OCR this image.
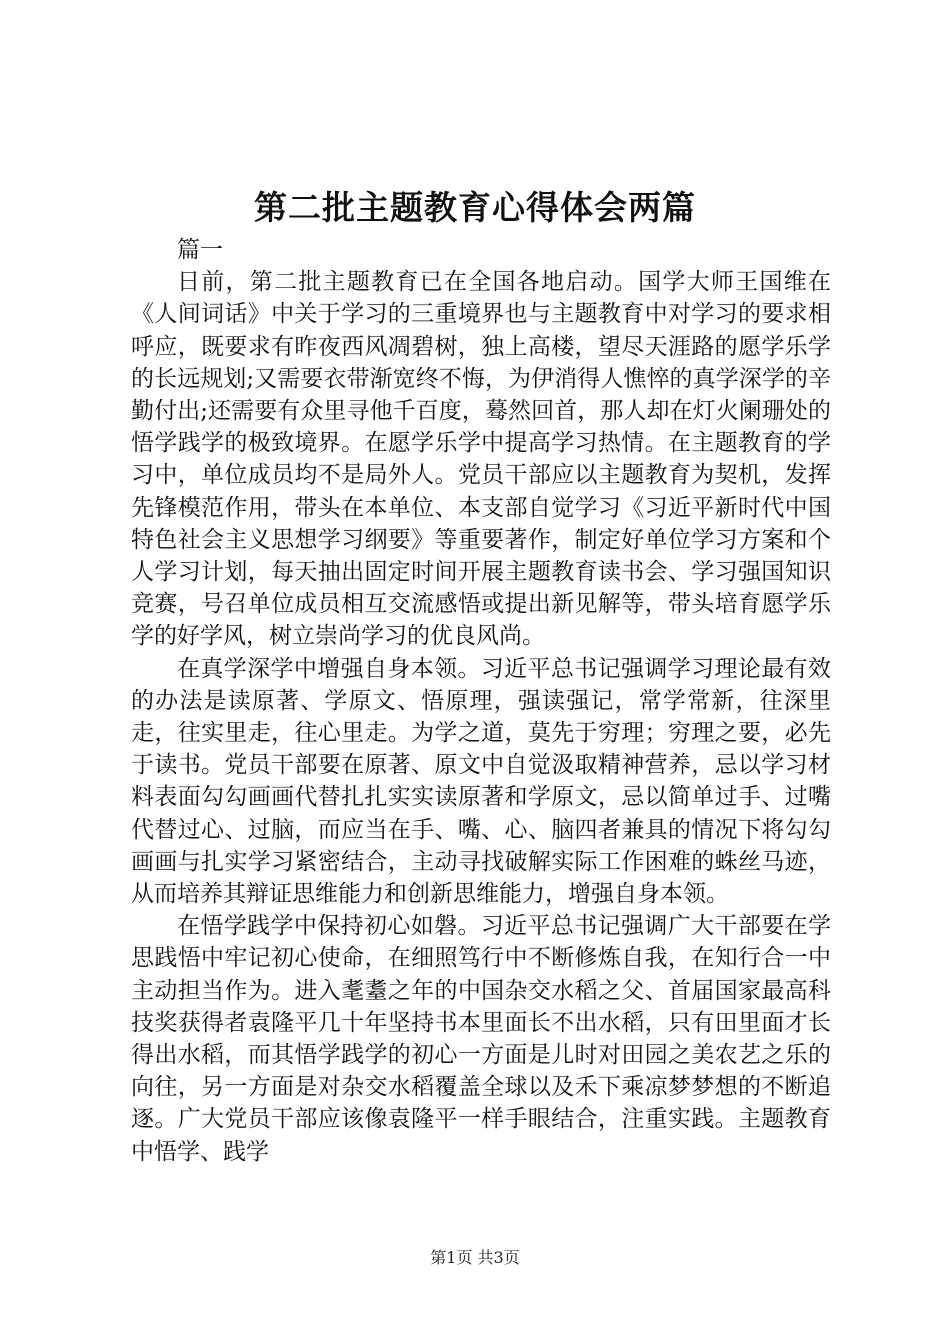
第二批主题教育心得体会两篇

篇一

日前，第二批主题教育已在全国各地启动。国学大师王国维在《人间词话》中关于学习的三重境界也与主题教育中对学习的要求相呼应，既要求有昨夜西风凋碧树，独上高楼，望尽天涯路的愿学乐学的长远规划;又需要衣带渐宽终不悔，为伊消得人憔悴的真学深学的辛勤付出;还需要有众里寻他千百度，蓦然回首，那人却在灯火阑珊处的悟学践学的极致境界。在愿学乐学中提高学习热情。在主题教育的学习中，单位成员均不是局外人。党员干部应以主题教育为契机，发挥先锋模范作用，带头在本单位、本支部自觉学习《习近平新时代中国特色社会主义思想学习纲要》等重要著作，制定好单位学习方案和个人学习计划，每天抽出固定时间开展主题教育读书会、学习强国知识竞赛，号召单位成员相互交流感悟或提出新见解等，带头培育愿学乐学的好学风，树立崇尚学习的优良风尚。

在真学深学中增强自身本领。习近平总书记强调学习理论最有效的办法是读原著、学原文、悟原理，强读强记，常学常新，往深里走，往实里走，往心里走。为学之道，莫先于穷理；穷理之要，必先于读书。党员干部要在原著、原文中自觉汲取精神营养，忌以学习材料表面勾勾画画代替扎扎实实读原著和学原文，忌以简单过手、过嘴代替过心、过脑，而应当在手、嘴、心、脑四者兼具的情况下将勾勾画画与扎实学习紧密结合，主动寻找破解实际工作困难的蛛丝马迹，从而培养其辩证思维能力和创新思维能力，增强自身本领。

在悟学践学中保持初心如磐。习近平总书记强调广大干部要在学思践悟中牢记初心使命，在细照笃行中不断修炼自我，在知行合一中主动担当作为。进入耄耋之年的中国杂交水稻之父、首届国家最高科技奖获得者袁隆平几十年坚持书本里面长不出水稻，只有田里面才长得出水稻，而其悟学践学的初心一方面是儿时对田园之美农艺之乐的向往，另一方面是对杂交水稻覆盖全球以及禾下乘凉梦梦想的不断追逐。广大党员干部应该像袁隆平一样手眼结合，注重实践。主题教育中悟学、践学

第1页 共3页
